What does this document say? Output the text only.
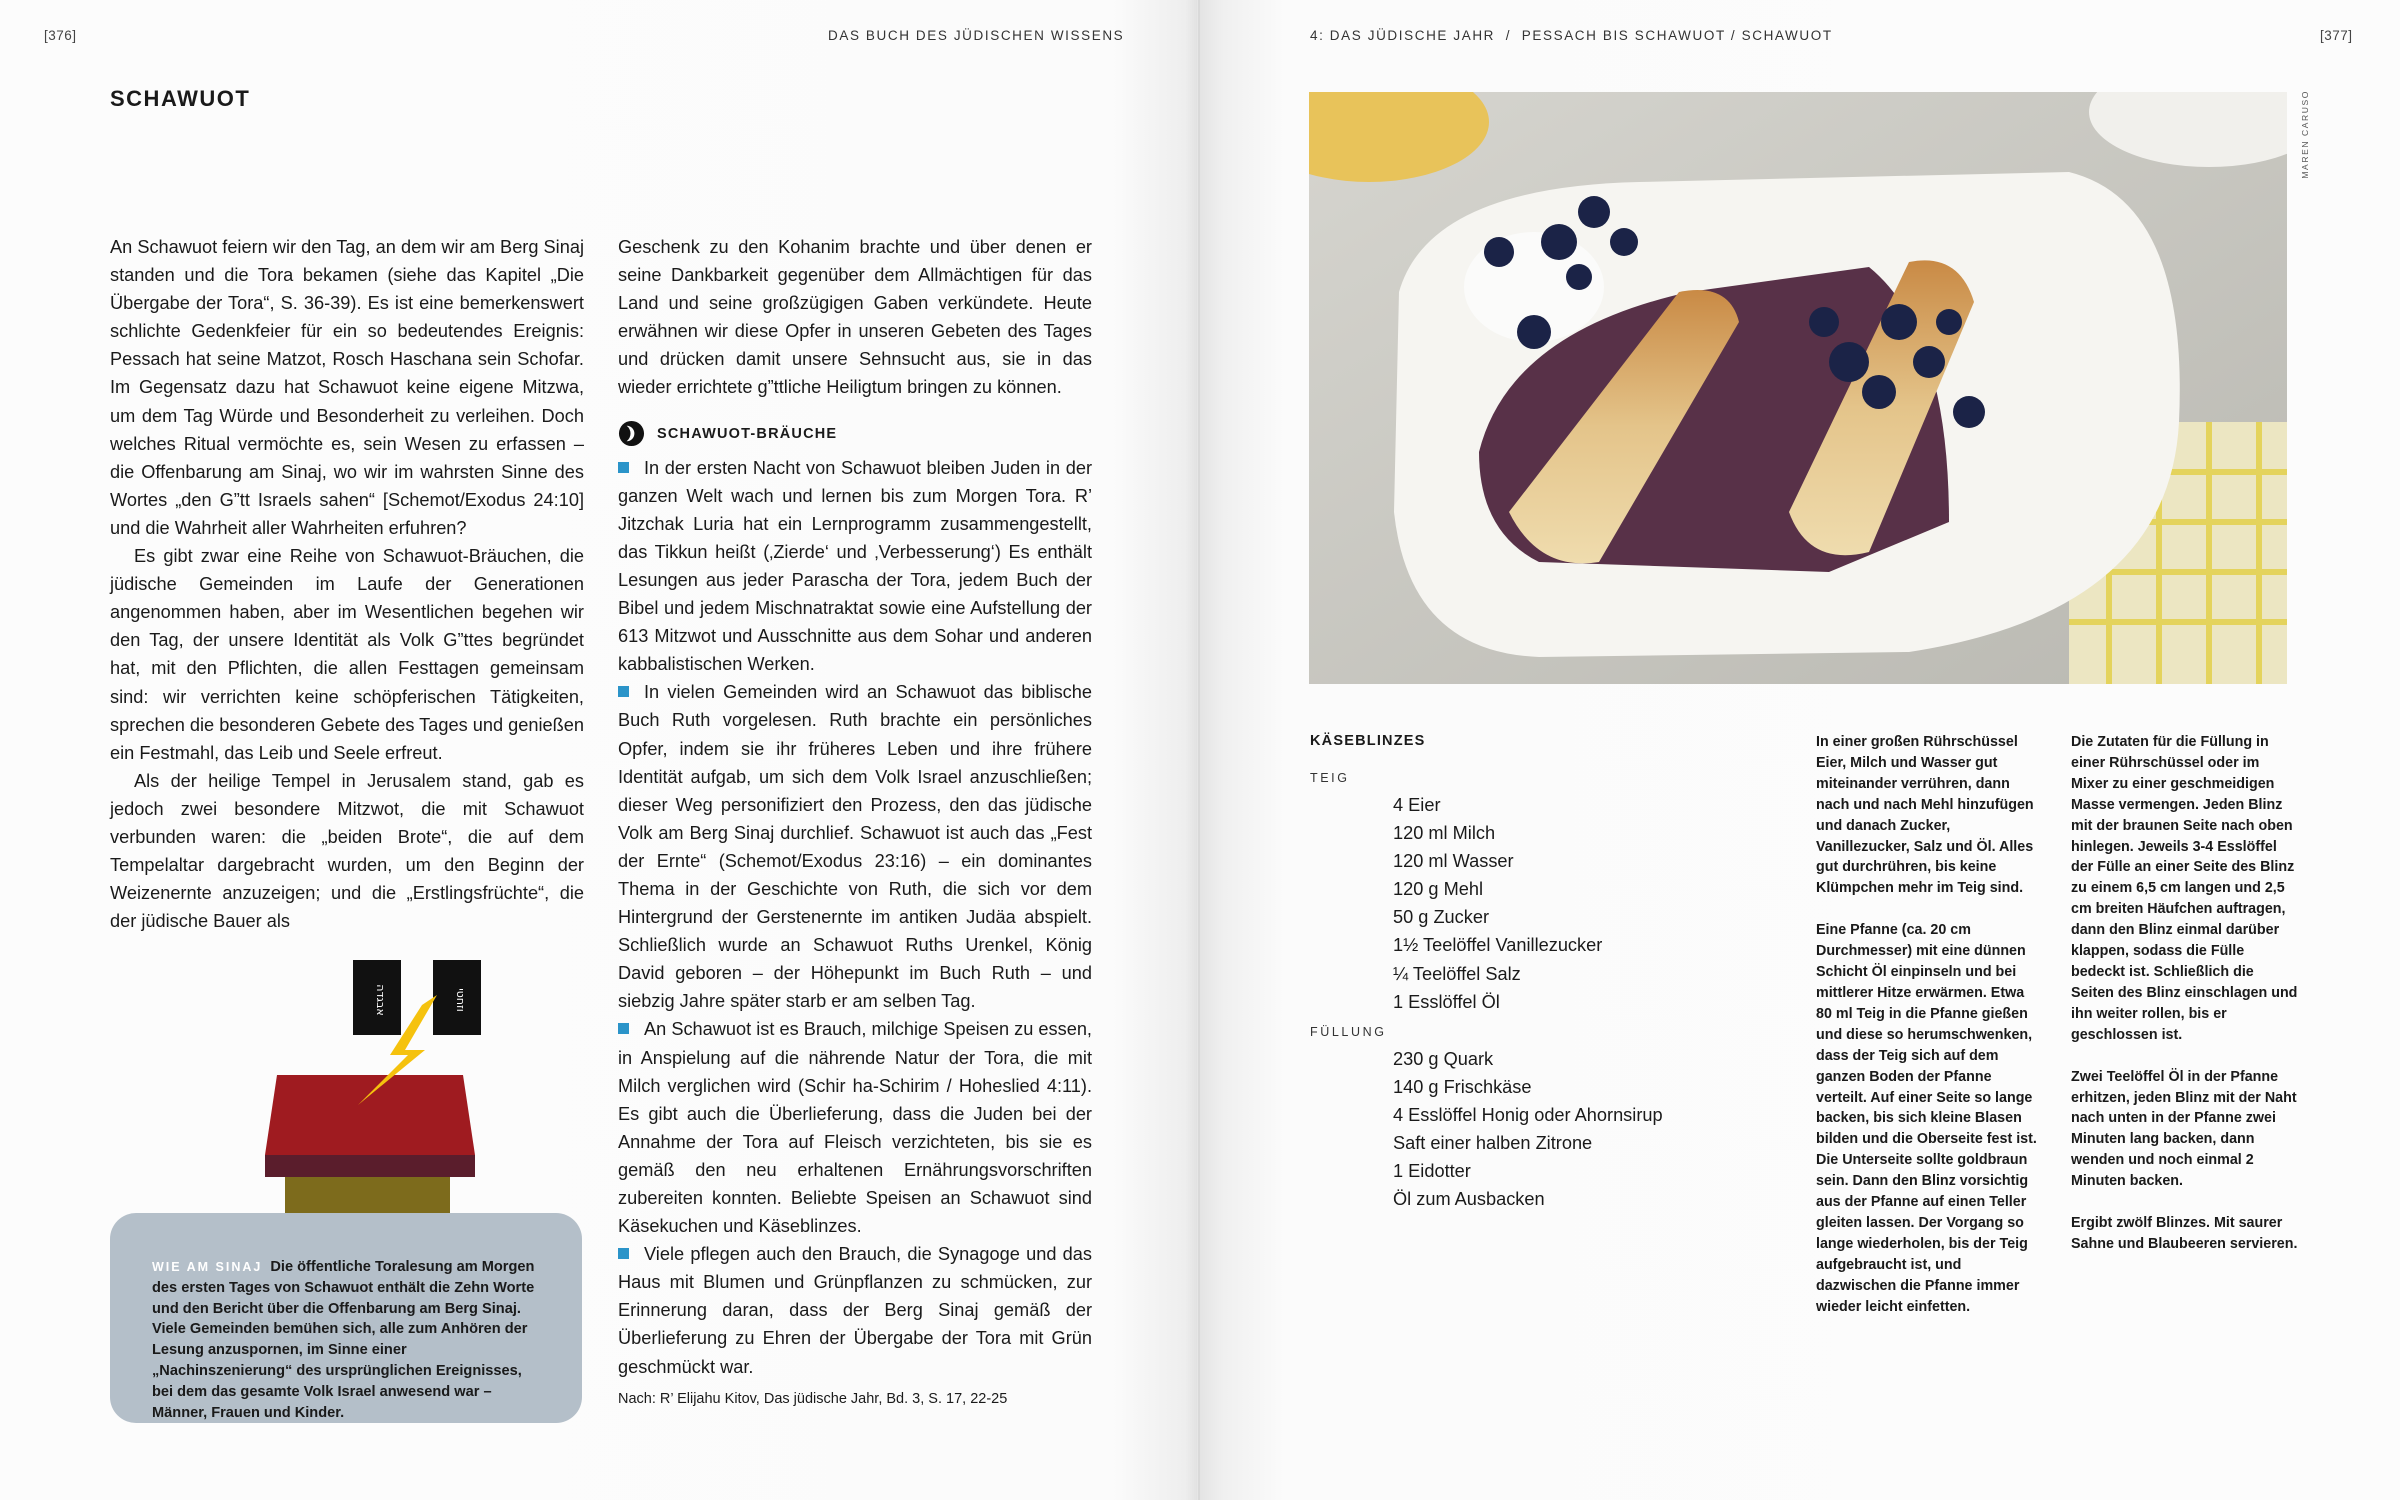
[376]	DAS BUCH DES JÜDISCHEN WISSENS
SCHAWUOT

An Schawuot feiern wir den Tag, an dem wir am Berg Sinaj standen und die Tora bekamen (siehe das Kapitel „Die Übergabe der Tora“, S. 36-39). Es ist eine bemerkenswert schlichte Gedenkfeier für ein so bedeutendes Ereignis: Pessach hat seine Matzot, Rosch Haschana sein Schofar. Im Gegensatz dazu hat Schawuot keine eigene Mitzwa, um dem Tag Würde und Besonderheit zu verleihen. Doch welches Ritual vermöchte es, sein Wesen zu erfassen – die Offenbarung am Sinaj, wo wir im wahrsten Sinne des Wortes „den G”tt Israels sahen“ [Schemot/Exodus 24:10] und die Wahrheit aller Wahrheiten erfuhren?

Es gibt zwar eine Reihe von Schawuot-Bräuchen, die jüdische Gemeinden im Laufe der Generationen angenommen haben, aber im Wesentlichen begehen wir den Tag, der unsere Identität als Volk G”ttes begründet hat, mit den Pflichten, die allen Festtagen gemeinsam sind: wir verrichten keine schöpferischen Tätigkeiten, sprechen die besonderen Gebete des Tages und genießen ein Festmahl, das Leib und Seele erfreut.

Als der heilige Tempel in Jerusalem stand, gab es jedoch zwei besondere Mitzwot, die mit Schawuot verbunden waren: die „beiden Brote“, die auf dem Tempelaltar dargebracht wurden, um den Beginn der Weizenernte anzuzeigen; und die „Erstlingsfrüchte“, die der jüdische Bauer als

Geschenk zu den Kohanim brachte und über denen er seine Dankbarkeit gegenüber dem Allmächtigen für das Land und seine großzügigen Gaben verkündete. Heute erwähnen wir diese Opfer in unseren Gebeten des Tages und drücken damit unsere Sehnsucht aus, sie in das wieder errichtete g”ttliche Heiligtum bringen zu können.

SCHAWUOT-BRÄUCHE

In der ersten Nacht von Schawuot bleiben Juden in der ganzen Welt wach und lernen bis zum Morgen Tora. R’ Jitzchak Luria hat ein Lernprogramm zusammengestellt, das Tikkun heißt (‚Zierde‘ und ‚Verbesserung‘) Es enthält Lesungen aus jeder Parascha der Tora, jedem Buch der Bibel und jedem Mischnatraktat sowie eine Aufstellung der 613 Mitzwot und Ausschnitte aus dem Sohar und anderen kabbalistischen Werken.

In vielen Gemeinden wird an Schawuot das biblische Buch Ruth vorgelesen. Ruth brachte ein persönliches Opfer, indem sie ihr früheres Leben und ihre frühere Identität aufgab, um sich dem Volk Israel anzuschließen; dieser Weg personifiziert den Prozess, den das jüdische Volk am Berg Sinaj durchlief. Schawuot ist auch das „Fest der Ernte“ (Schemot/Exodus 23:16) – ein dominantes Thema in der Geschichte von Ruth, die sich vor dem Hintergrund der Gerstenernte im antiken Judäa abspielt. Schließlich wurde an Schawuot Ruths Urenkel, König David geboren – der Höhepunkt im Buch Ruth – und siebzig Jahre später starb er am selben Tag.

An Schawuot ist es Brauch, milchige Speisen zu essen, in Anspielung auf die nährende Natur der Tora, die mit Milch verglichen wird (Schir ha-Schirim / Hoheslied 4:11). Es gibt auch die Überlieferung, dass die Juden bei der Annahme der Tora auf Fleisch verzichteten, bis sie es gemäß den neu erhaltenen Ernährungsvorschriften zubereiten konnten. Beliebte Speisen an Schawuot sind Käsekuchen und Käseblinzes.

Viele pflegen auch den Brauch, die Synagoge und das Haus mit Blumen und Grünpflanzen zu schmücken, zur Erinnerung daran, dass der Berg Sinaj gemäß der Überlieferung zu Ehren der Übergabe der Tora mit Grün geschmückt war.

Nach: R’ Elijahu Kitov, Das jüdische Jahr, Bd. 3, S. 17, 22-25
אבגדה	וזחטי
WIE AM SINAJ Die öffentliche Toralesung am Morgen des ersten Tages von Schawuot enthält die Zehn Worte und den Bericht über die Offenbarung am Berg Sinaj. Viele Gemeinden bemühen sich, alle zum Anhören der Lesung anzuspornen, im Sinne einer „Nachinszenierung“ des ursprünglichen Ereignisses, bei dem das gesamte Volk Israel anwesend war – Männer, Frauen und Kinder.
4: DAS JÜDISCHE JAHR  /  PESSACH BIS SCHAWUOT / SCHAWUOT	[377]
MAREN CARUSO
KÄSEBLINZES
TEIG
4 Eier
120 ml Milch
120 ml Wasser
120 g Mehl
50 g Zucker
1½ Teelöffel Vanillezucker
¼ Teelöffel Salz
1 Esslöffel Öl
FÜLLUNG
230 g Quark
140 g Frischkäse
4 Esslöffel Honig oder Ahornsirup
Saft einer halben Zitrone
1 Eidotter
Öl zum Ausbacken

In einer großen Rührschüssel Eier, Milch und Wasser gut miteinander verrühren, dann nach und nach Mehl hinzufügen und danach Zucker, Vanillezucker, Salz und Öl. Alles gut durchrühren, bis keine Klümpchen mehr im Teig sind.

Eine Pfanne (ca. 20 cm Durchmesser) mit eine dünnen Schicht Öl einpinseln und bei mittlerer Hitze erwärmen. Etwa 80 ml Teig in die Pfanne gießen und diese so herumschwenken, dass der Teig sich auf dem ganzen Boden der Pfanne verteilt. Auf einer Seite so lange backen, bis sich kleine Blasen bilden und die Oberseite fest ist. Die Unterseite sollte goldbraun sein. Dann den Blinz vorsichtig aus der Pfanne auf einen Teller gleiten lassen. Der Vorgang so lange wiederholen, bis der Teig aufgebraucht ist, und dazwischen die Pfanne immer wieder leicht einfetten.

Die Zutaten für die Füllung in einer Rührschüssel oder im Mixer zu einer geschmeidigen Masse vermengen. Jeden Blinz mit der braunen Seite nach oben hinlegen. Jeweils 3-4 Esslöffel der Fülle an einer Seite des Blinz zu einem 6,5 cm langen und 2,5 cm breiten Häufchen auftragen, dann den Blinz einmal darüber klappen, sodass die Fülle bedeckt ist. Schließlich die Seiten des Blinz einschlagen und ihn weiter rollen, bis er geschlossen ist.

Zwei Teelöffel Öl in der Pfanne erhitzen, jeden Blinz mit der Naht nach unten in der Pfanne zwei Minuten lang backen, dann wenden und noch einmal 2 Minuten backen.

Ergibt zwölf Blinzes. Mit saurer Sahne und Blaubeeren servieren.
